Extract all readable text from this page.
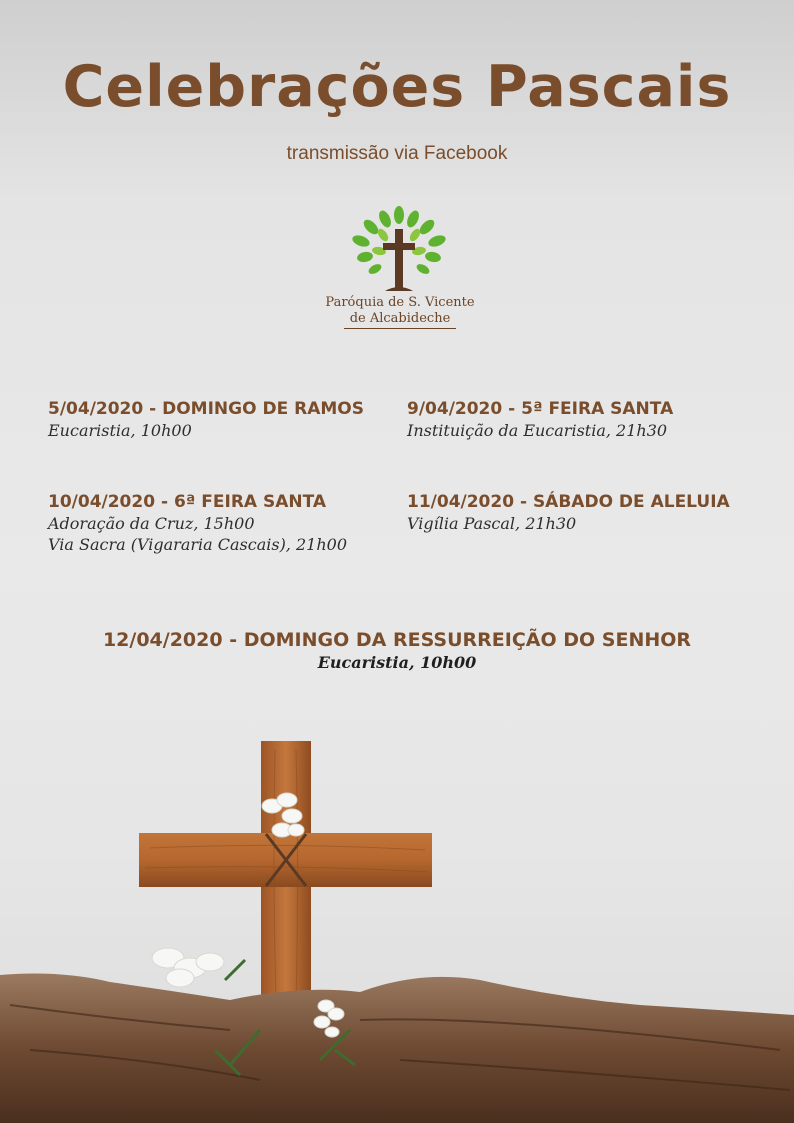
Celebrações Pascais
transmissão via Facebook
Paróquia de S. Vicente
de Alcabideche

5/04/2020 - DOMINGO DE RAMOS

Eucaristia, 10h00

9/04/2020 - 5ª FEIRA SANTA

Instituição da Eucaristia, 21h30

10/04/2020 - 6ª FEIRA SANTA

Adoração da Cruz, 15h00

Via Sacra (Vigararia Cascais), 21h00

11/04/2020 - SÁBADO DE ALELUIA

Vigília Pascal, 21h30

12/04/2020 - DOMINGO DA RESSURREIÇÃO DO SENHOR

Eucaristia, 10h00
